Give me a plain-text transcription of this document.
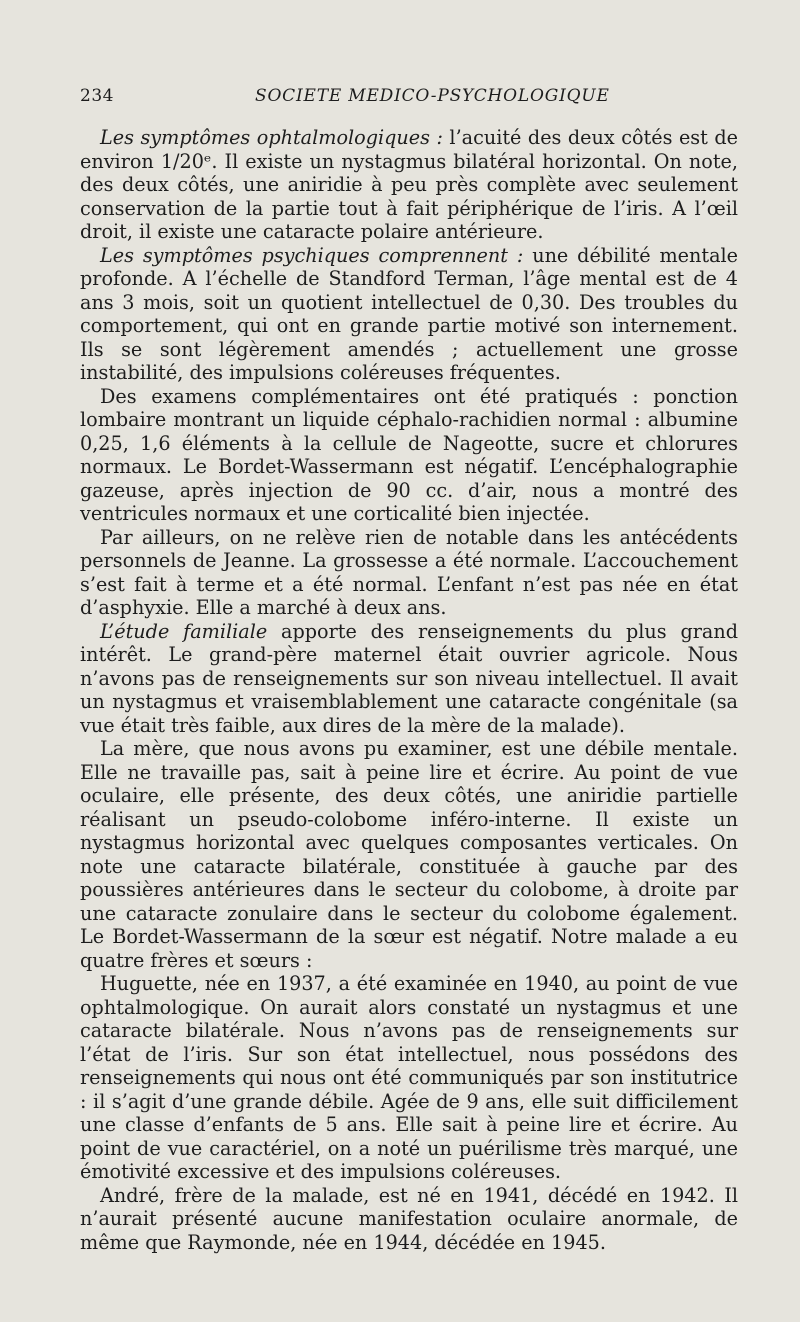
234	SOCIETE MEDICO-PSYCHOLOGIQUE

Les symptômes ophtalmologiques : l’acuité des deux côtés est de environ 1/20ᵉ. Il existe un nystagmus bilatéral horizontal. On note, des deux côtés, une aniridie à peu près complète avec seulement conservation de la partie tout à fait périphérique de l’iris. A l’œil droit, il existe une cataracte polaire antérieure.

Les symptômes psychiques comprennent : une débilité mentale profonde. A l’échelle de Standford Terman, l’âge mental est de 4 ans 3 mois, soit un quotient intellectuel de 0,30. Des troubles du comportement, qui ont en grande partie motivé son internement. Ils se sont légèrement amendés ; actuellement une grosse instabilité, des impulsions coléreuses fréquentes.

Des examens complémentaires ont été pratiqués : ponction lombaire montrant un liquide céphalo-rachidien normal : albumine 0,25, 1,6 éléments à la cellule de Nageotte, sucre et chlorures normaux. Le Bordet-Wassermann est négatif. L’encéphalographie gazeuse, après injection de 90 cc. d’air, nous a montré des ventricules normaux et une corticalité bien injectée.

Par ailleurs, on ne relève rien de notable dans les antécédents personnels de Jeanne. La grossesse a été normale. L’accouchement s’est fait à terme et a été normal. L’enfant n’est pas née en état d’asphyxie. Elle a marché à deux ans.

L’étude familiale apporte des renseignements du plus grand intérêt. Le grand-père maternel était ouvrier agricole. Nous n’avons pas de renseignements sur son niveau intellectuel. Il avait un nystagmus et vraisemblablement une cataracte congénitale (sa vue était très faible, aux dires de la mère de la malade).

La mère, que nous avons pu examiner, est une débile mentale. Elle ne travaille pas, sait à peine lire et écrire. Au point de vue oculaire, elle présente, des deux côtés, une aniridie partielle réalisant un pseudo-colobome inféro-interne. Il existe un nystagmus horizontal avec quelques composantes verticales. On note une cataracte bilatérale, constituée à gauche par des poussières antérieures dans le secteur du colobome, à droite par une cataracte zonulaire dans le secteur du colobome également. Le Bordet-Wassermann de la sœur est négatif. Notre malade a eu quatre frères et sœurs :

Huguette, née en 1937, a été examinée en 1940, au point de vue ophtalmologique. On aurait alors constaté un nystagmus et une cataracte bilatérale. Nous n’avons pas de renseignements sur l’état de l’iris. Sur son état intellectuel, nous possédons des renseignements qui nous ont été communiqués par son institutrice : il s’agit d’une grande débile. Agée de 9 ans, elle suit difficilement une classe d’enfants de 5 ans. Elle sait à peine lire et écrire. Au point de vue caractériel, on a noté un puérilisme très marqué, une émotivité excessive et des impulsions coléreuses.

André, frère de la malade, est né en 1941, décédé en 1942. Il n’aurait présenté aucune manifestation oculaire anormale, de même que Raymonde, née en 1944, décédée en 1945.
